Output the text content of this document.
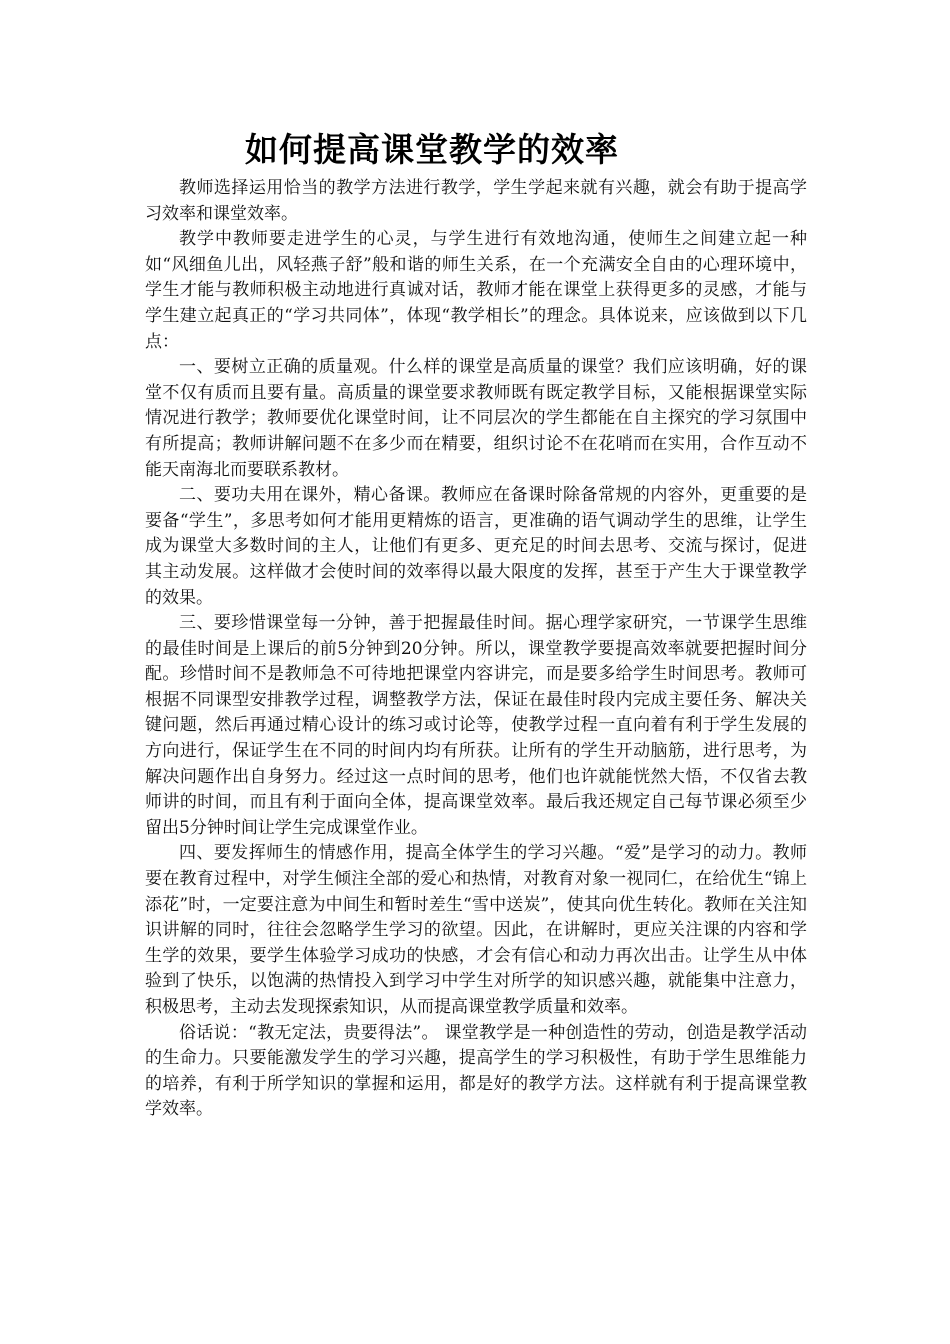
如何提高课堂教学的效率

教师选择运用恰当的教学方法进行教学，学生学起来就有兴趣，就会有助于提高学习效率和课堂效率。

教学中教师要走进学生的心灵，与学生进行有效地沟通，使师生之间建立起一种如“风细鱼儿出，风轻燕子舒”般和谐的师生关系，在一个充满安全自由的心理环境中，学生才能与教师积极主动地进行真诚对话，教师才能在课堂上获得更多的灵感，才能与学生建立起真正的“学习共同体”，体现“教学相长”的理念。具体说来，应该做到以下几点：

一、要树立正确的质量观。什么样的课堂是高质量的课堂？我们应该明确，好的课堂不仅有质而且要有量。高质量的课堂要求教师既有既定教学目标，又能根据课堂实际情况进行教学；教师要优化课堂时间，让不同层次的学生都能在自主探究的学习氛围中有所提高；教师讲解问题不在多少而在精要，组织讨论不在花哨而在实用，合作互动不能天南海北而要联系教材。

二、要功夫用在课外，精心备课。教师应在备课时除备常规的内容外，更重要的是要备“学生”，多思考如何才能用更精炼的语言，更准确的语气调动学生的思维，让学生成为课堂大多数时间的主人，让他们有更多、更充足的时间去思考、交流与探讨，促进其主动发展。这样做才会使时间的效率得以最大限度的发挥，甚至于产生大于课堂教学的效果。

三、要珍惜课堂每一分钟，善于把握最佳时间。据心理学家研究，一节课学生思维的最佳时间是上课后的前5分钟到20分钟。所以，课堂教学要提高效率就要把握时间分配。珍惜时间不是教师急不可待地把课堂内容讲完，而是要多给学生时间思考。教师可根据不同课型安排教学过程，调整教学方法，保证在最佳时段内完成主要任务、解决关键问题，然后再通过精心设计的练习或讨论等，使教学过程一直向着有利于学生发展的方向进行，保证学生在不同的时间内均有所获。让所有的学生开动脑筋，进行思考，为解决问题作出自身努力。经过这一点时间的思考，他们也许就能恍然大悟，不仅省去教师讲的时间，而且有利于面向全体，提高课堂效率。最后我还规定自己每节课必须至少留出5分钟时间让学生完成课堂作业。

四、要发挥师生的情感作用，提高全体学生的学习兴趣。“爱”是学习的动力。教师要在教育过程中，对学生倾注全部的爱心和热情，对教育对象一视同仁，在给优生“锦上添花”时，一定要注意为中间生和暂时差生“雪中送炭”，使其向优生转化。教师在关注知识讲解的同时，往往会忽略学生学习的欲望。因此，在讲解时，更应关注课的内容和学生学的效果，要学生体验学习成功的快感，才会有信心和动力再次出击。让学生从中体验到了快乐，以饱满的热情投入到学习中学生对所学的知识感兴趣，就能集中注意力，积极思考，主动去发现探索知识，从而提高课堂教学质量和效率。

俗话说：“教无定法，贵要得法”。 课堂教学是一种创造性的劳动，创造是教学活动的生命力。只要能激发学生的学习兴趣，提高学生的学习积极性，有助于学生思维能力的培养，有利于所学知识的掌握和运用，都是好的教学方法。这样就有利于提高课堂教学效率。
